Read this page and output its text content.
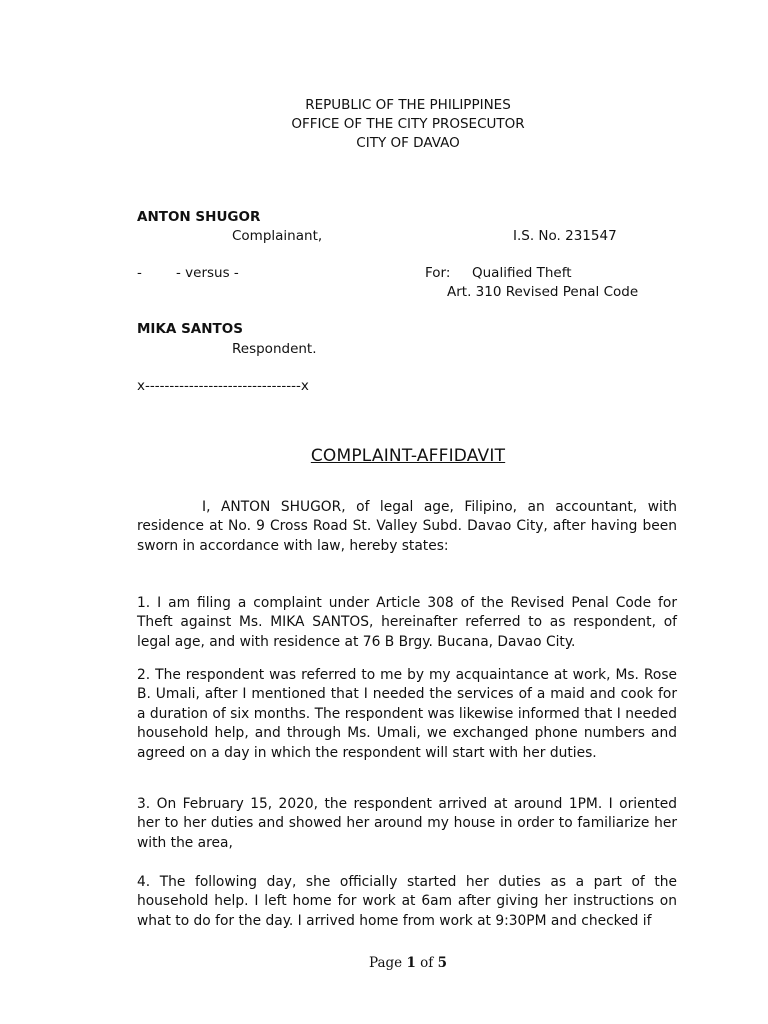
REPUBLIC OF THE PHILIPPINES
OFFICE OF THE CITY PROSECUTOR
CITY OF DAVAO
ANTON SHUGOR
Complainant,	I.S. No. 231547
-	- versus -	For: Qualified Theft
Art. 310 Revised Penal Code
MIKA SANTOS
Respondent.
x--------------------------------x
COMPLAINT-AFFIDAVIT
I, ANTON SHUGOR, of legal age, Filipino, an accountant, with residence at No. 9 Cross Road St. Valley Subd. Davao City, after having been sworn in accordance with law, hereby states:
1. I am filing a complaint under Article 308 of the Revised Penal Code for Theft against Ms. MIKA SANTOS, hereinafter referred to as respondent, of legal age, and with residence at 76 B Brgy. Bucana, Davao City.
2. The respondent was referred to me by my acquaintance at work, Ms. Rose B. Umali, after I mentioned that I needed the services of a maid and cook for a duration of six months. The respondent was likewise informed that I needed household help, and through Ms. Umali, we exchanged phone numbers and agreed on a day in which the respondent will start with her duties.
3. On February 15, 2020, the respondent arrived at around 1PM. I oriented her to her duties and showed her around my house in order to familiarize her with the area,
4. The following day, she officially started her duties as a part of the household help. I left home for work at 6am after giving her instructions on what to do for the day. I arrived home from work at 9:30PM and checked if
Page 1 of 5
